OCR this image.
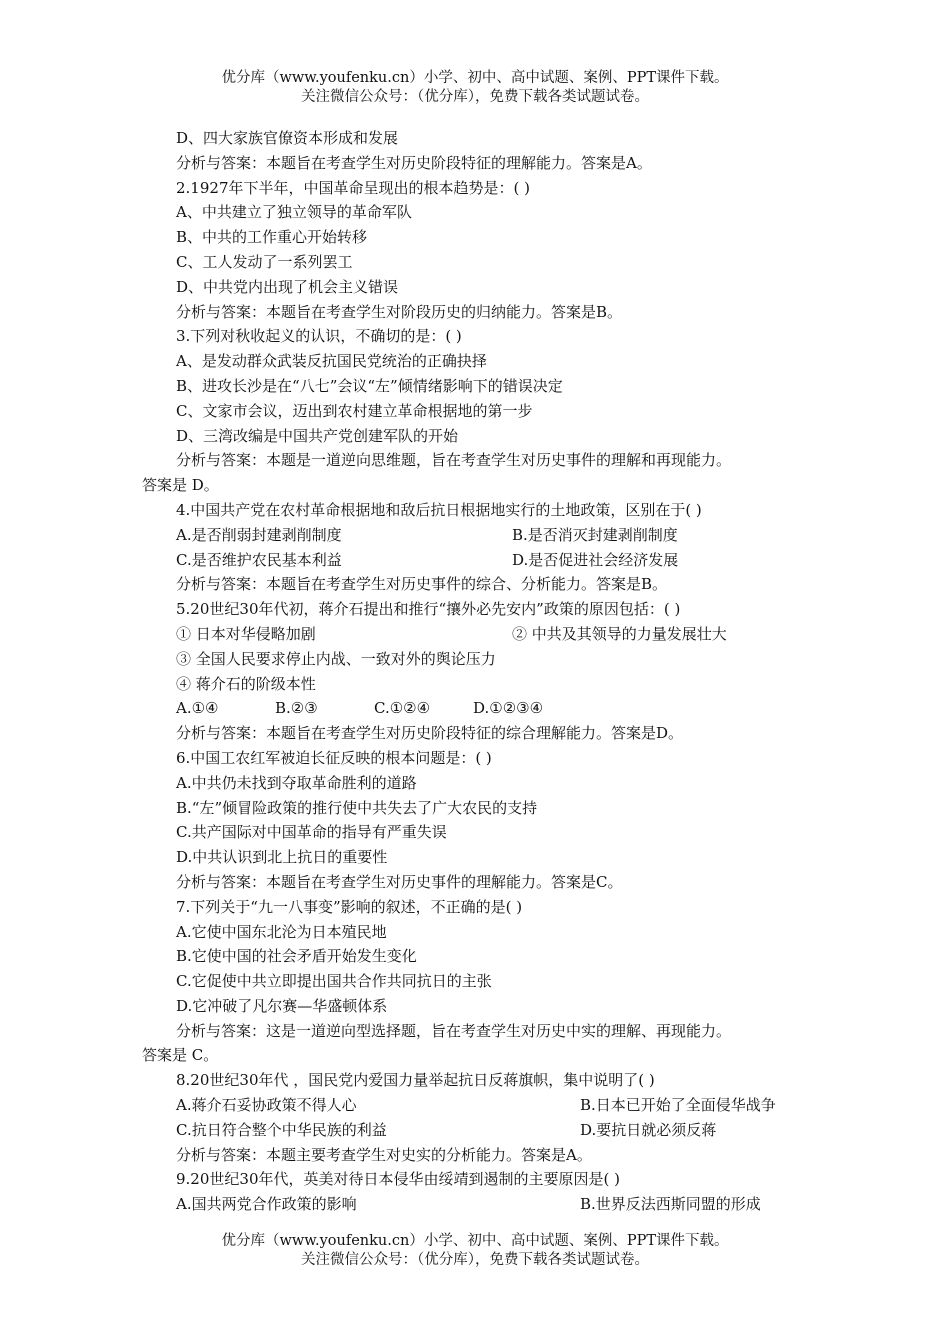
优分库（www.youfenku.cn）小学、初中、高中试题、案例、PPT课件下载。
关注微信公众号：（优分库），免费下载各类试题试卷。
D、四大家族官僚资本形成和发展
分析与答案：本题旨在考查学生对历史阶段特征的理解能力。答案是A。
2.1927年下半年，中国革命呈现出的根本趋势是：( )
A、中共建立了独立领导的革命军队
B、中共的工作重心开始转移
C、工人发动了一系列罢工
D、中共党内出现了机会主义错误
分析与答案：本题旨在考查学生对阶段历史的归纳能力。答案是B。
3.下列对秋收起义的认识，不确切的是：( )
A、是发动群众武装反抗国民党统治的正确抉择
B、进攻长沙是在“八七”会议“左”倾情绪影响下的错误决定
C、文家市会议，迈出到农村建立革命根据地的第一步
D、三湾改编是中国共产党创建军队的开始
分析与答案：本题是一道逆向思维题，旨在考查学生对历史事件的理解和再现能力。
答案是 D。
4.中国共产党在农村革命根据地和敌后抗日根据地实行的土地政策，区别在于( )
A.是否削弱封建剥削制度	B.是否消灭封建剥削制度
C.是否维护农民基本利益	D.是否促进社会经济发展
分析与答案：本题旨在考查学生对历史事件的综合、分析能力。答案是B。
5.20世纪30年代初，蒋介石提出和推行“攘外必先安内”政策的原因包括：( )
① 日本对华侵略加剧	② 中共及其领导的力量发展壮大
③ 全国人民要求停止内战、一致对外的舆论压力
④ 蒋介石的阶级本性
A.①④	B.②③	C.①②④	D.①②③④
分析与答案：本题旨在考查学生对历史阶段特征的综合理解能力。答案是D。
6.中国工农红军被迫长征反映的根本问题是：( )
A.中共仍未找到夺取革命胜利的道路
B.“左”倾冒险政策的推行使中共失去了广大农民的支持
C.共产国际对中国革命的指导有严重失误
D.中共认识到北上抗日的重要性
分析与答案：本题旨在考查学生对历史事件的理解能力。答案是C。
7.下列关于“九一八事变”影响的叙述，不正确的是( )
A.它使中国东北沦为日本殖民地
B.它使中国的社会矛盾开始发生变化
C.它促使中共立即提出国共合作共同抗日的主张
D.它冲破了凡尔赛—华盛顿体系
分析与答案：这是一道逆向型选择题，旨在考查学生对历史中实的理解、再现能力。
答案是 C。
8.20世纪30年代 ，国民党内爱国力量举起抗日反蒋旗帜，集中说明了( )
A.蒋介石妥协政策不得人心	B.日本已开始了全面侵华战争
C.抗日符合整个中华民族的利益	D.要抗日就必须反蒋
分析与答案：本题主要考查学生对史实的分析能力。答案是A。
9.20世纪30年代，英美对待日本侵华由绥靖到遏制的主要原因是( )
A.国共两党合作政策的影响	B.世界反法西斯同盟的形成
优分库（www.youfenku.cn）小学、初中、高中试题、案例、PPT课件下载。
关注微信公众号：（优分库），免费下载各类试题试卷。
